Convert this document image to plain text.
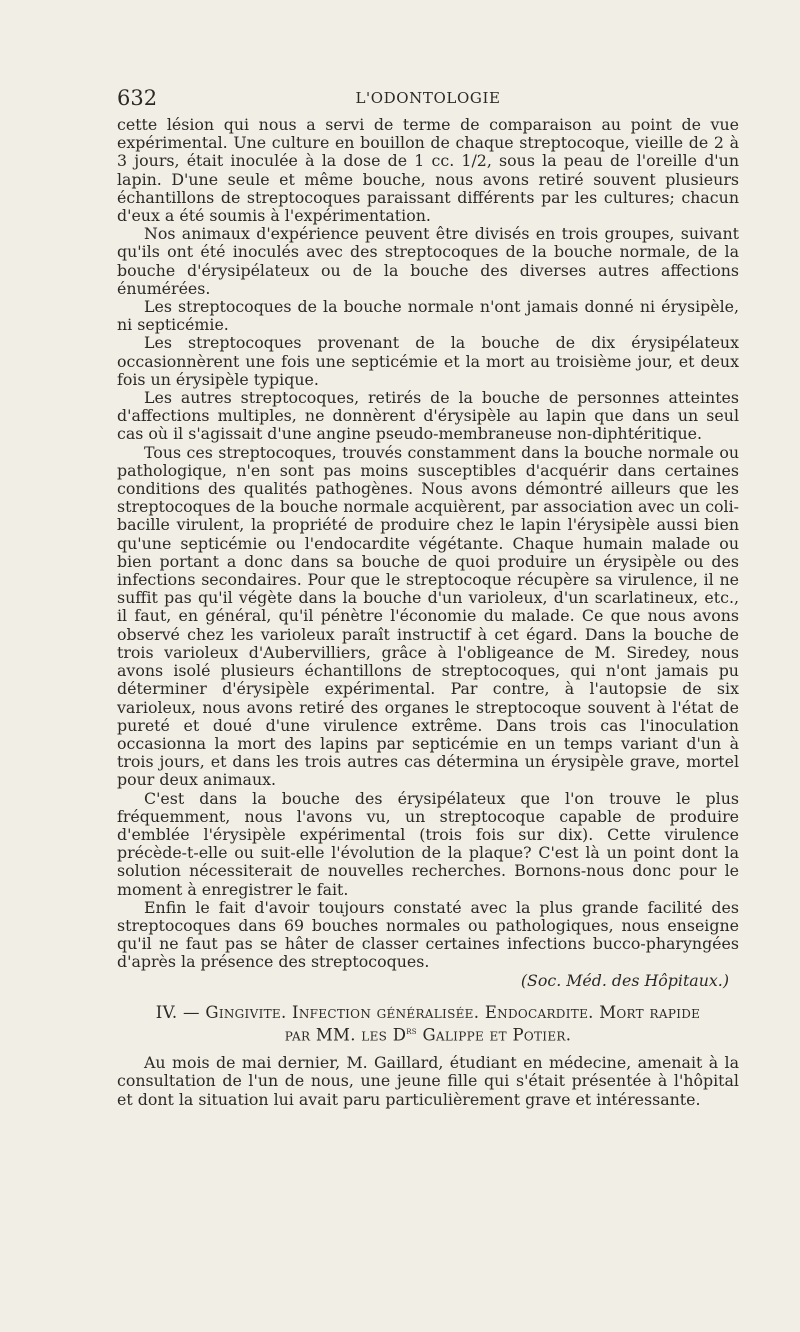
632	L'ODONTOLOGIE

cette lésion qui nous a servi de terme de comparaison au point de vue expérimental. Une culture en bouillon de chaque streptocoque, vieille de 2 à 3 jours, était inoculée à la dose de 1 cc. 1/2, sous la peau de l'oreille d'un lapin. D'une seule et même bouche, nous avons retiré souvent plusieurs échantillons de streptocoques paraissant différents par les cultures; chacun d'eux a été soumis à l'expérimentation.

Nos animaux d'expérience peuvent être divisés en trois groupes, suivant qu'ils ont été inoculés avec des streptocoques de la bouche normale, de la bouche d'érysipélateux ou de la bouche des diverses autres affections énumérées.

Les streptocoques de la bouche normale n'ont jamais donné ni érysipèle, ni septicémie.

Les streptocoques provenant de la bouche de dix érysipélateux occasionnèrent une fois une septicémie et la mort au troisième jour, et deux fois un érysipèle typique.

Les autres streptocoques, retirés de la bouche de personnes atteintes d'affections multiples, ne donnèrent d'érysipèle au lapin que dans un seul cas où il s'agissait d'une angine pseudo-membraneuse non-diphtéritique.

Tous ces streptocoques, trouvés constamment dans la bouche normale ou pathologique, n'en sont pas moins susceptibles d'acquérir dans certaines conditions des qualités pathogènes. Nous avons démontré ailleurs que les streptocoques de la bouche normale acquièrent, par association avec un coli-bacille virulent, la propriété de produire chez le lapin l'érysipèle aussi bien qu'une septicémie ou l'endocardite végétante. Chaque humain malade ou bien portant a donc dans sa bouche de quoi produire un érysipèle ou des infections secondaires. Pour que le streptocoque récupère sa virulence, il ne suffit pas qu'il végète dans la bouche d'un varioleux, d'un scarlatineux, etc., il faut, en général, qu'il pénètre l'économie du malade. Ce que nous avons observé chez les varioleux paraît instructif à cet égard. Dans la bouche de trois varioleux d'Aubervilliers, grâce à l'obligeance de M. Siredey, nous avons isolé plusieurs échantillons de streptocoques, qui n'ont jamais pu déterminer d'érysipèle expérimental. Par contre, à l'autopsie de six varioleux, nous avons retiré des organes le streptocoque souvent à l'état de pureté et doué d'une virulence extrême. Dans trois cas l'inoculation occasionna la mort des lapins par septicémie en un temps variant d'un à trois jours, et dans les trois autres cas détermina un érysipèle grave, mortel pour deux animaux.

C'est dans la bouche des érysipélateux que l'on trouve le plus fréquemment, nous l'avons vu, un streptocoque capable de produire d'emblée l'érysipèle expérimental (trois fois sur dix). Cette virulence précède-t-elle ou suit-elle l'évolution de la plaque? C'est là un point dont la solution nécessiterait de nouvelles recherches. Bornons-nous donc pour le moment à enregistrer le fait.

Enfin le fait d'avoir toujours constaté avec la plus grande facilité des streptocoques dans 69 bouches normales ou pathologiques, nous enseigne qu'il ne faut pas se hâter de classer certaines infections bucco-pharyngées d'après la présence des streptocoques.

(Soc. Méd. des Hôpitaux.)
IV. — Gingivite. Infection généralisée. Endocardite. Mort rapide
par MM. les $D^{rs}$ Galippe et Potier.

Au mois de mai dernier, M. Gaillard, étudiant en médecine, amenait à la consultation de l'un de nous, une jeune fille qui s'était présentée à l'hôpital et dont la situation lui avait paru particulièrement grave et intéressante.
